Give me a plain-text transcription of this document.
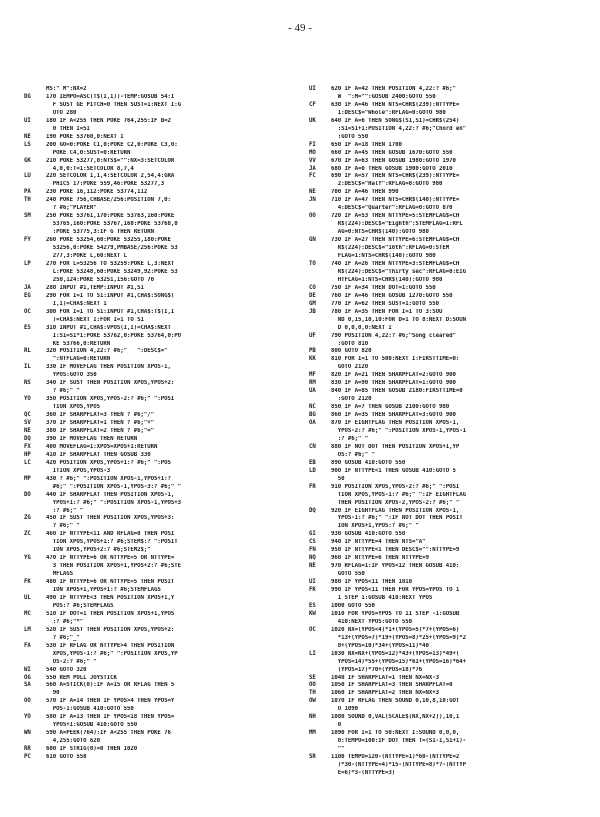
- 49 -
MS:" M":NX=2
DG	170 IEMPO=ASC(T$(I,I))-TEMP:GOSUB 54:I
F SUST GE PITCH=0 THEN SUST=1:NEXT I:G
OTO 280
UI	180 IF A<255 THEN POKE 764,255:IF B=2
0 THEN I=5I
NE	190 POKE 53760,0:NEXT I
LS	200 GO=0:POKE C1,0:POKE C2,0:POKE C3,0:
POKE C4,0:SUST=0:RETURN
GK	210 POKE 53277,0:NTS$="":NX=3:SETCOLOR
4,0,0:T=1:SETCOLOR 8,7,4
LU	220 SETCOLOR 1,1,4:SETCOLOR 2,54,4:GRA
PHICS 17:POKE 559,46:POKE 53277,3
PA	230 POKE 16,112:POKE 53774,112
TH	240 POKE 756,CHBASE/256:POSITION 7,0:
? #6;"PLAYER"
SM	250 POKE 53761,170:POKE 53763,160:POKE
53765,160:POKE 53767,160:POKE 53768,0
:POKE 53775,3:IF G THEN RETURN
FY	260 POKE 53254,60:POKE 53255,180:POKE
53256,0:POKE 54279,PMBASE/256:POKE 53
277,3:POKE L,60:NEXT L
LP	270 FOR L=53256 TO 53259:POKE L,3:NEXT
L:POKE 53248,60:POKE 53249,92:POKE 53
250,124:POKE 53251,156:GOTO 70
JA	280 INPUT #1,TEMP:INPUT #1,S1
EG	290 FOR I=1 TO S1:INPUT #1,CHA$:SONG$(
I,I)=CHA$:NEXT I
OC	300 FOR I=1 TO S1:INPUT #1,CHA$:T$(I,I
)=CHA$:NEXT I:FOR I=1 TO S1
ES	310 INPUT #1,CHA$:VPOS(I,I)=CHA$:NEXT
I:S1=S1*1:POKE 53762,0:POKE 53764,0:PO
KE 53766,0:RETURN
RL	320 POSITION 4,22:? #6;"   ":DESC$="
":NTFLAG=0:RETURN
IL	330 IF MOVEFLAG THEN POSITION XPOS-1,
YPOS:GOTO 350
NS	340 IF SUST THEN POSITION XPOS,YPOS+2:
? #6;" "
YO	350 POSITION XPOS,YPOS-2:? #6;" ":POSI
TION XPOS,YPOS
QC	360 IF SHARPFLAT=3 THEN ? #6;"/"
SV	370 IF SHARPFLAT=1 THEN ? #6;"+"
NE	380 IF SHARPFLAT=2 THEN ? #6;"="
DQ	390 IF MOVEFLAG THEN RETURN
FX	400 MOVEFLAG=1:XPOS=XPOS+1:RETURN
HP	410 IF SHARPFLAT THEN GOSUB 330
LC	420 POSITION XPOS,YPOS+1:? #6;" ":POS
ITION XPOS,YPOS-3
MP	430 ? #6;" ":POSITION XPOS-1,YPOS+1:?
#6;" ":POSITION XPOS-1,YPOS-3:? #6;" "
DO	440 IF SHARPFLAT THEN POSITION XPOS-1,
YPOS+1:? #6;" ":POSITION XPOS-1,YPOS+3
:? #6;" "
ZG	450 IF SUST THEN POSITION XPOS,YPOS+3:
? #6;" "
ZC	460 IF NTTYPE<11 AND RFLAG=0 THEN POSI
TION XPOS,YPOS+1:? #6;STEM$:? ":POSIT
ION XPOS,YPOS+2:? #6;STEM2$;"
YG	470 IF NTTYPE=6 OR NTTYPE=5 OR NTTYPE=
3 THEN POSITION XPOS+1,YPOS+2:? #6;STE
MFLAGS
FK	480 IF NTTYPE=6 OR NTTYPE=5 THEN POSIT
ION XPOS+1,YPOS+1:? #6;STEMFLAGS
UL	490 IF NTTYPE<3 THEN POSITION XPOS+1,Y
POS:? #6;STEMFLAGS
MC	510 IF DOT=1 THEN POSITION XPOS+1,YPOS
:? #6;"*"
LM	520 IF SUST THEN POSITION XPOS,YPOS+2:
? #6;"_"
FA	530 IF RFLAG OR NTTYPE>4 THEN POSITION
XPOS,YPOS-1:? #6;" ":POSITION XPOS,YP
OS-2:? #6;" "
WI	540 GOTO 320
OG	550 REM POLL JOYSTICK
SA	560 A=STICK(0):IF A=15 OR RFLAG THEN 5
90
OO	570 IF A=14 THEN IF YPOS>4 THEN YPOS=Y
POS-1:GOSUB 410:GOTO 550
YO	580 IF A=13 THEN IF YPOS<18 THEN YPOS=
YPOS+1:GOSUB 410:GOTO 550
WN	590 A=PEEK(764):IF A<255 THEN POKE 76
4,255:GOTO 620
RR	600 IF STRIG(0)=0 THEN 1020
PC	610 GOTO 550
UI	620 IF A=42 THEN POSITION 4,22:? #6;"
W  ":M="":GOSUB 2400:GOTO 550
CF	630 IF A=46 THEN NTS=CHR$(239):NTTYPE=
1:DESC$="Whole":RFLAG=0:GOTO 980
UK	640 IF A=6 THEN SONG$(S1,S1)=CHR$(254)
:S1=S1+1:POSITION 4,22:? #6;"Chord en"
:GOTO 550
FI	650 IF A=18 THEN 1700
MO	660 IF A=45 THEN GOSUB 1670:GOTO 550
VV	670 IF A=63 THEN GOSUB 1980:GOTO 1970
JA	680 IF A=0 THEN GOSUB 1900:GOTO 2010
FC	690 IF A=57 THEN NTS=CHR$(239):NTTYPE=
2:DESC$="Half":RFLAG=0:GOTO 980
NE	700 IF A=46 THEN 990
JN	710 IF A=47 THEN NTS=CHR$(140):NTTYPE=
4:DESC$="Quarter":RFLAG=0:GOTO 870
OO	720 IF A=53 THEN NTTYPE=5:STEMFLAG$=CH
R$(224):DESC$="Eighth":STEMFLAG=1:RFL
AG=0:NTS=CHR$(140):GOTO 980
GN	730 IF A=27 THEN NTTYPE=6:STEMFLAG$=CH
R$(224):DESC$="16th":RFLAG=0:STEM
FLAG=1:NTS=CHR$(140):GOTO 980
TO	740 IF A=26 THEN NTTYPE=3:STEMFLAG$=CH
R$(224):DESC$="Thirty sec":RFLAG=0:EIG
HTFLAG=1:NTS=CHR$(140):GOTO 980
CO	750 IF A=34 THEN DOT=1:GOTO 550
DE	760 IF A=46 THEN GOSUB 1270:GOTO 550
GM	770 IF A=62 THEN SUST=1:GOTO 550
JB	780 IF A=35 THEN FOR I=1 TO 3:SOU
ND 0,15,10,10:FOR D=1 TO 8:NEXT D:SOUN
D 0,0,0,0:NEXT I
UF	790 POSITION 4,22:? #6;"Song cleared"
:GOTO 810
PB	800 GOTO 820
KK	810 FOR I=1 TO 500:NEXT I:FIRSTTIME=0:
GOTO 2120
MF	820 IF A=21 THEN SHARPFLAT=2:GOTO 900
RM	830 IF A=90 THEN SHARPFLAT=1:GOTO 900
UA	840 IF A=85 THEN GOSUB 2180:FIRSTTIME=0
:GOTO 2120
NC	850 IF A=7 THEN GOSUB 2100:GOTO 980
BG	860 IF A=35 THEN SHARPFLAT=3:GOTO 900
OA	870 IF EIGHTFLAG THEN POSITION XPOS-1,
YPOS-2:? #6;" ":POSITION XPOS-1,YPOS-1
:? #6;" "
CN	880 IF NOT DOT THEN POSITION XPOS+1,YP
OS:? #6;" "
EB	890 GOSUB 410:GOTO 550
LD	900 IF NTTYPE<1 THEN GOSUB 410:GOTO 5
50
FR	910 POSITION XPOS,YPOS-2:? #6;" ":POSI
TION XPOS,YPOS-1:? #6;" ":IF EIGHTFLAG
THEN POSITION XPOS-2,YPOS-2:? #6;" "
DQ	920 IF EIGHTFLAG THEN POSITION XPOS-1,
YPOS-1:? #6;" ":IF NOT DOT THEN POSIT
ION XPOS+1,YPOS:? #6;" "
GI	930 GOSUB 410:GOTO 550
CS	940 IF NTTYPE=4 THEN NTS="A"
FN	950 IF NTTYPE<1 THEN DESC$="":NTTYPE=9
NQ	960 IF NTTYPE=6 THEN NTTYPE=9
NE	970 RFLAG=1:IF YPOS<12 THEN GOSUB 410:
GOTO 550
UI	980 IF YPOS<11 THEN 1010
FK	990 IF YPOS<11 THEN FOR YPOS=YPOS TO 1
1 STEP 1:GOSUB 410:NEXT YPOS
ES	1000 GOTO 550
KW	1010 FOR YPOS=YPOS TO 11 STEP -1:GOSUB
410:NEXT YPOS:GOTO 550
OC	1020 NX=(YPOS<4)*1+(YPOS=5)*7+(YPOS=6)
*13+(YPOS=7)*19+(YPOS=8)*25+(YPOS=9)*2
8+(YPOS=10)*34+(YPOS=11)*40
LI	1030 NX=NX+(YPOS=12)*43+(YPOS=13)*49+(
YPOS=14)*55+(YPOS=15)*61+(YPOS=16)*64+
(YPOS=17)*70+(YPOS=18)*76
SE	1040 IF SHARPFLAT=1 THEN NX=NX-3
OO	1050 IF SHARPFLAT=3 THEN SHARPFLAT=0
TH	1060 IF SHARPFLAT=2 THEN NX=NX+3
OW	1070 IF RFLAG THEN SOUND 0,10,8,10:GOT
O 1090
NH	1080 SOUND 0,VAL(SCALE$(NX,NX+2)),10,1
0
MM	1090 FOR I=1 TO 50:NEXT I:SOUND 0,0,0,
0:TEMPO=100:IF DOT THEN T=(S1-1,S1+1)-
""
SR	1100 TEMPO=120-(NTTYPE=1)*60-(NTTYPE=2
)*30-(NTTYPE=4)*15-(NTTYPE=8)*7-(NTTYP
E=6)*3-(NTTYPE=3)
